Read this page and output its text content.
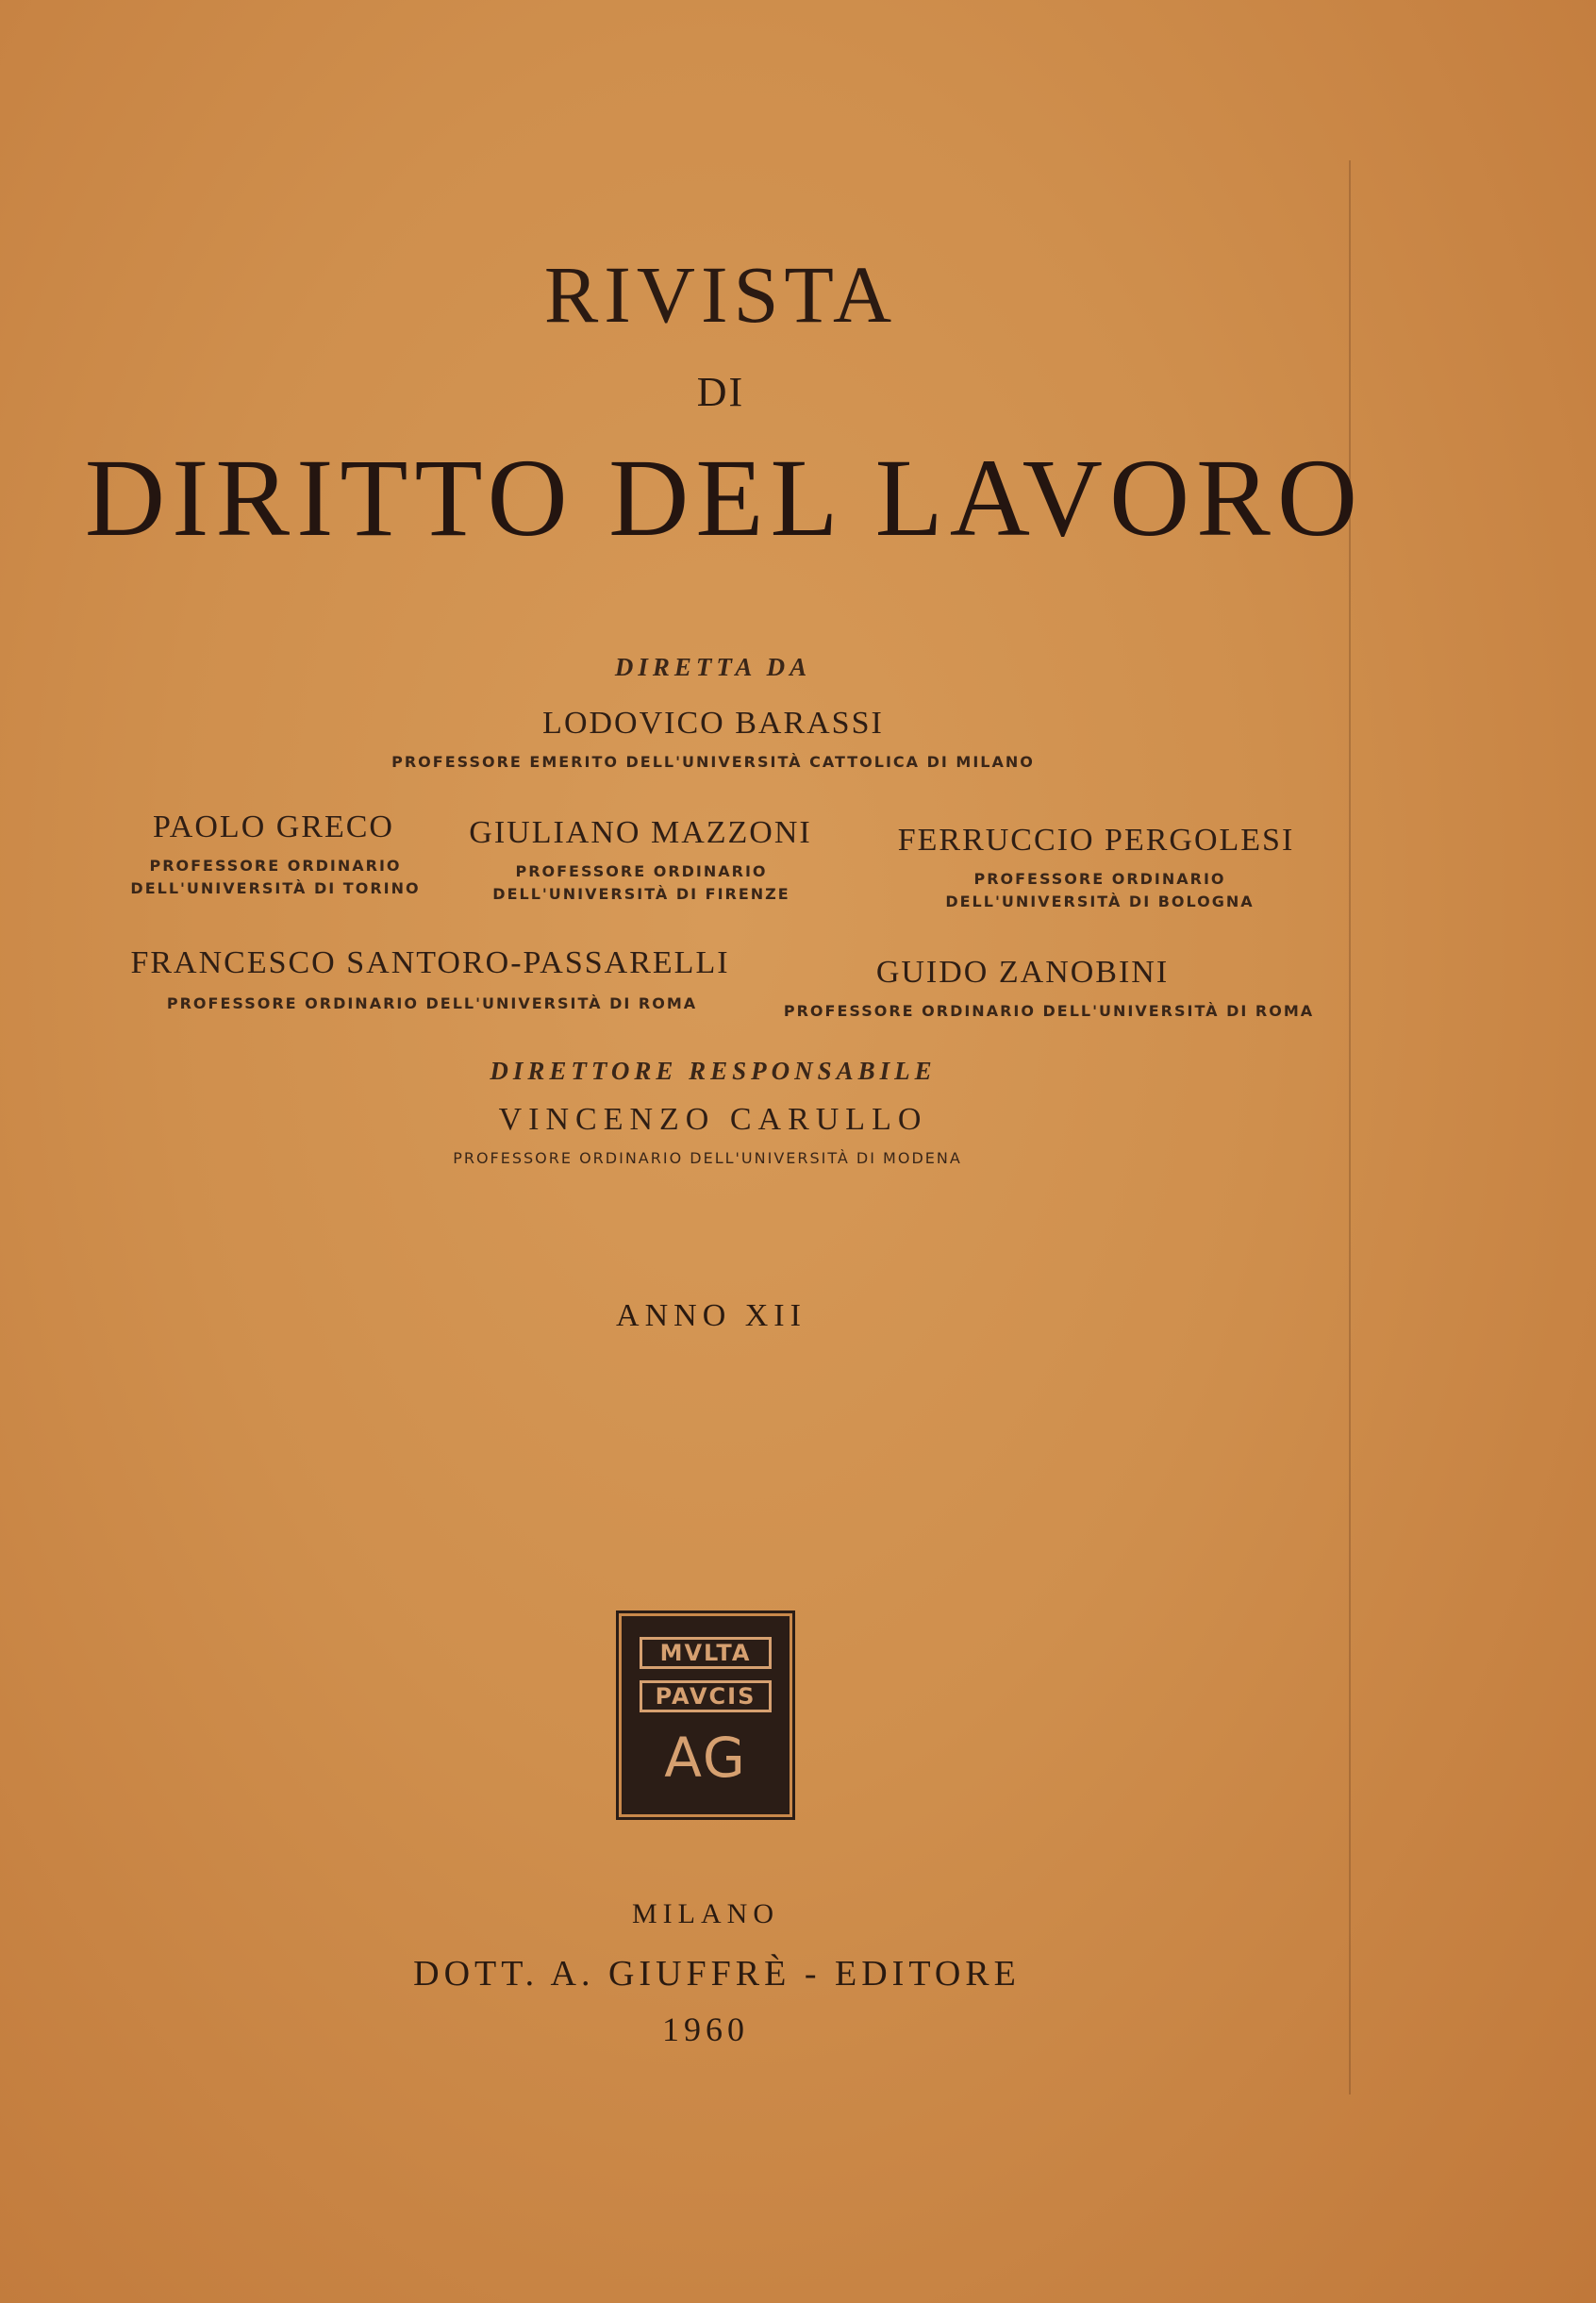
RIVISTA
DI
DIRITTO DEL LAVORO
DIRETTA DA
LODOVICO BARASSI
PROFESSORE EMERITO DELL'UNIVERSITÀ CATTOLICA DI MILANO
PAOLO GRECO
PROFESSORE ORDINARIO
DELL'UNIVERSITÀ DI TORINO
GIULIANO MAZZONI
PROFESSORE ORDINARIO
DELL'UNIVERSITÀ DI FIRENZE
FERRUCCIO PERGOLESI
PROFESSORE ORDINARIO
DELL'UNIVERSITÀ DI BOLOGNA
FRANCESCO SANTORO-PASSARELLI
PROFESSORE ORDINARIO DELL'UNIVERSITÀ DI ROMA
GUIDO ZANOBINI
PROFESSORE ORDINARIO DELL'UNIVERSITÀ DI ROMA
DIRETTORE RESPONSABILE
VINCENZO CARULLO
PROFESSORE ORDINARIO DELL'UNIVERSITÀ DI MODENA
ANNO XII
MVLTA
PAVCIS
AG
MILANO
DOTT. A. GIUFFRÈ - EDITORE
1960
